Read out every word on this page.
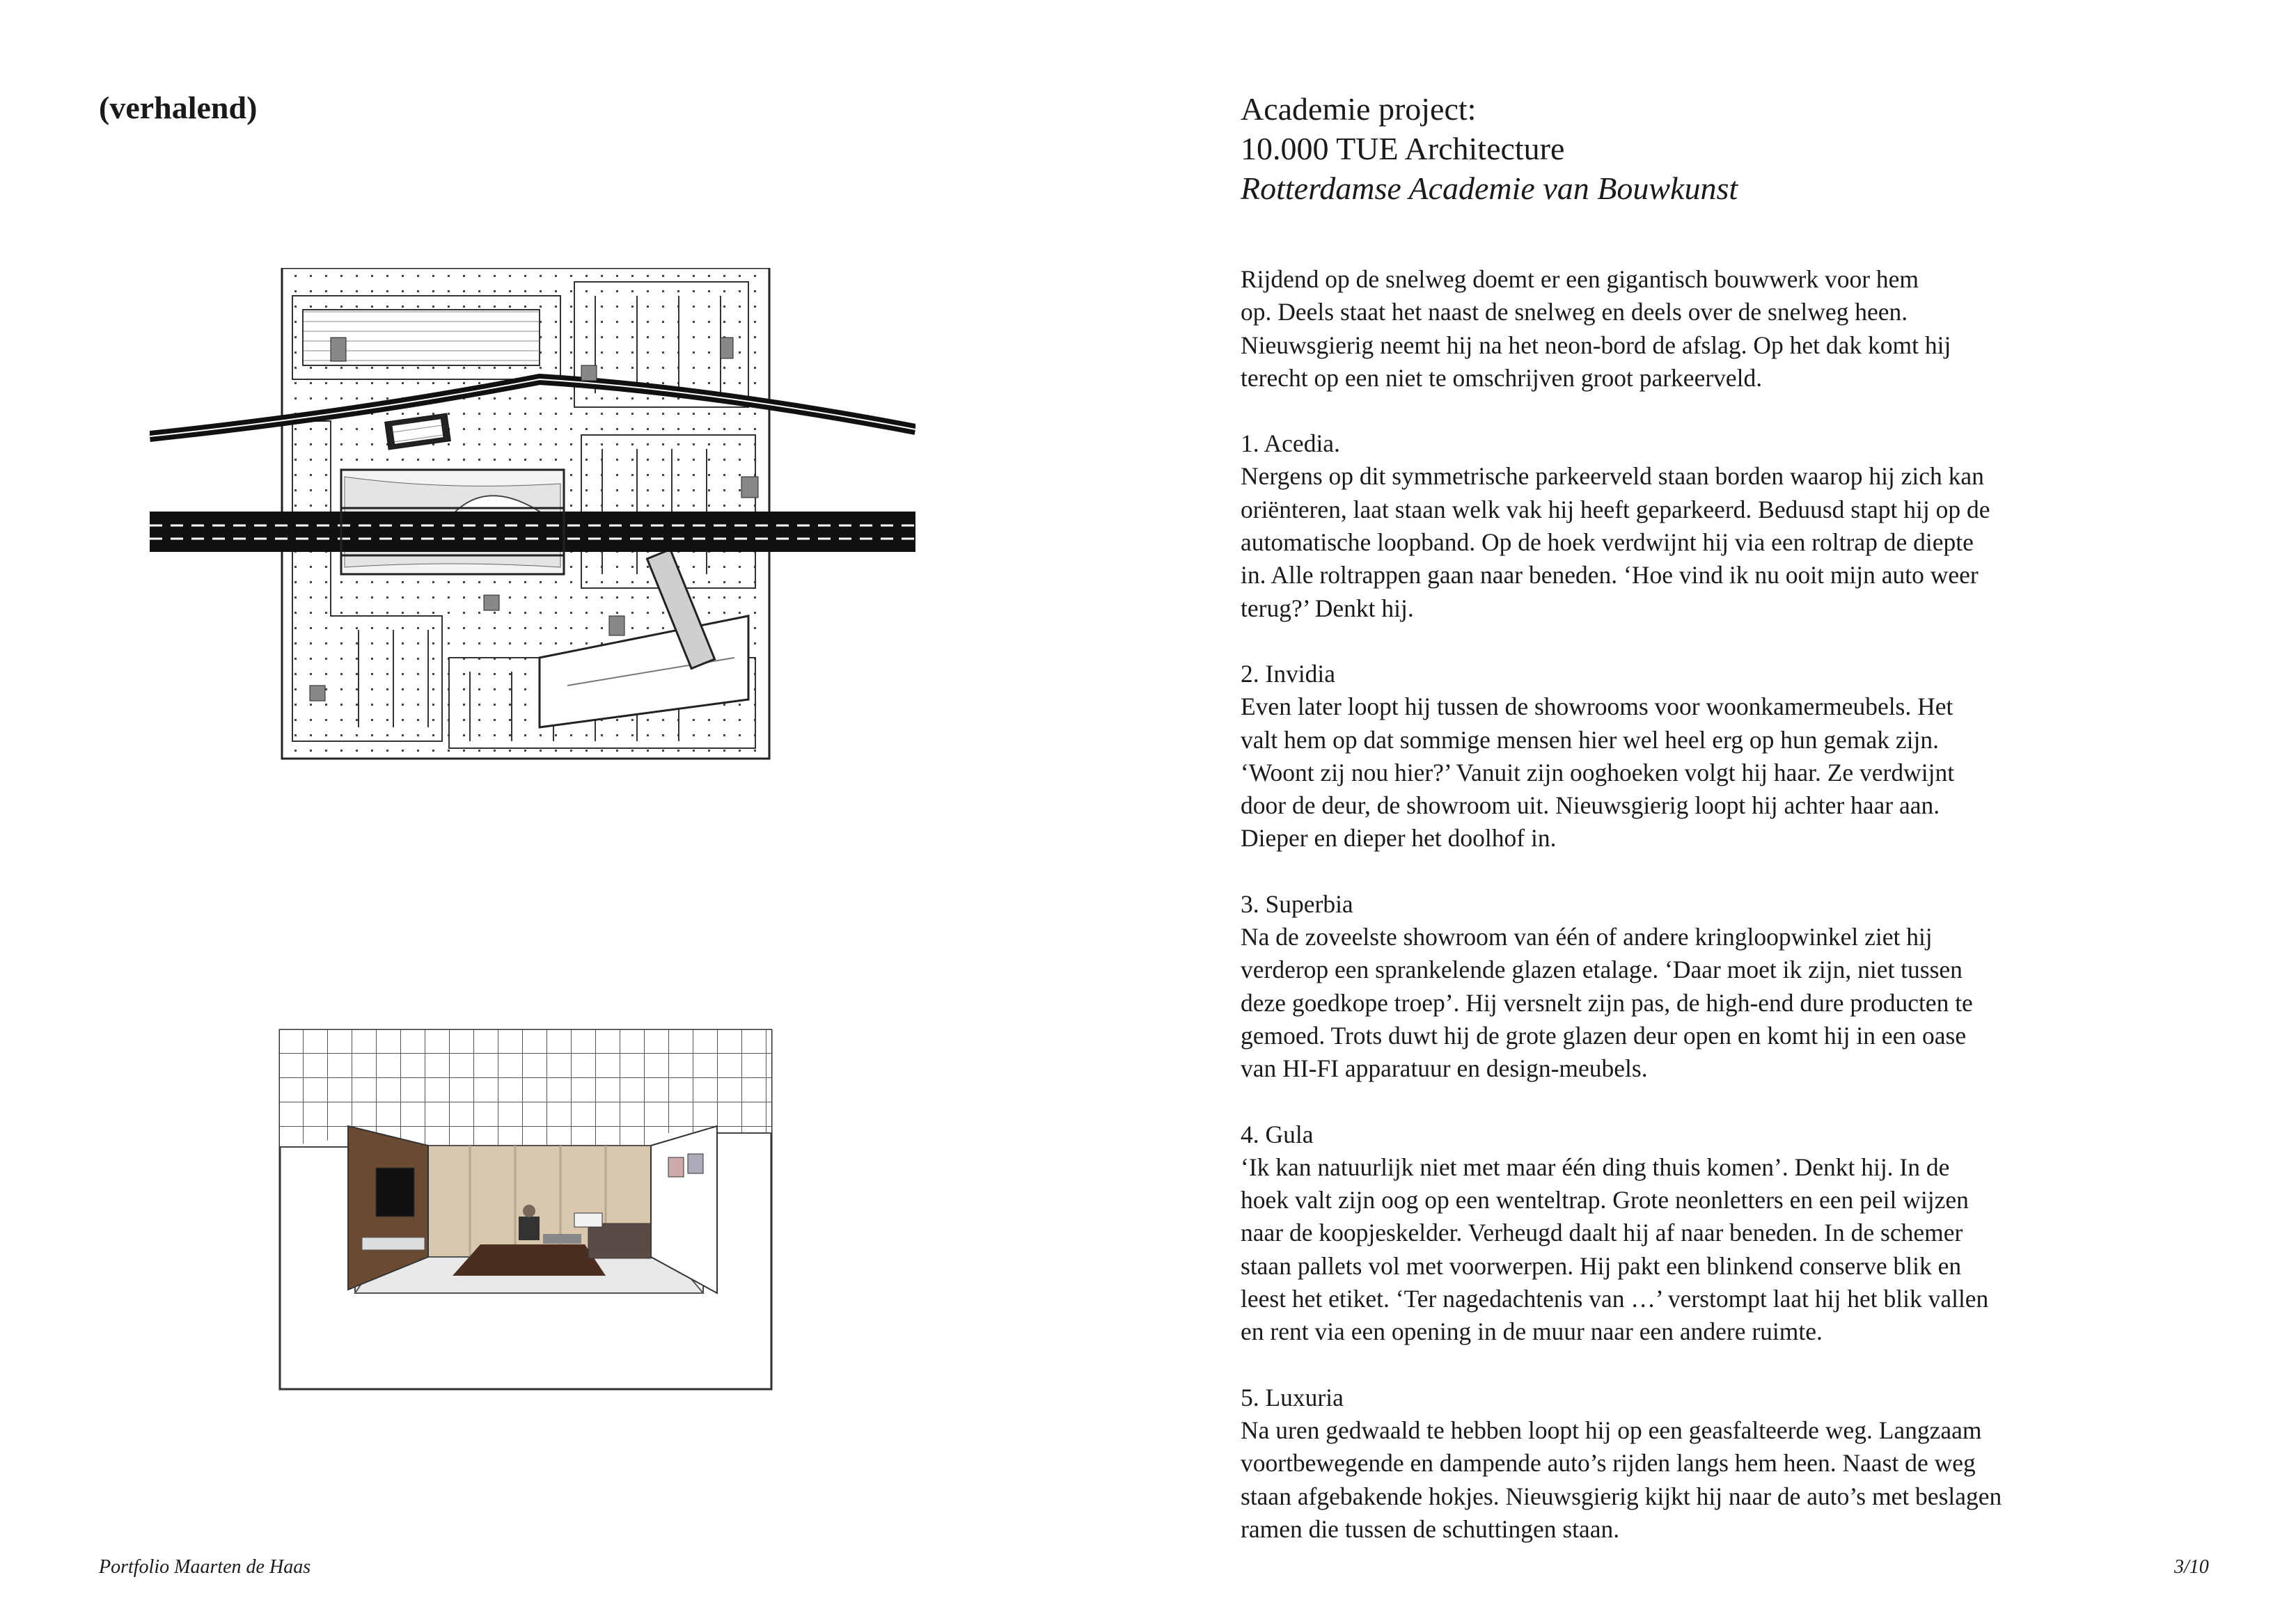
(verhalend)	Academie project:
10.000 TUE Architecture
Rotterdamse Academie van Bouwkunst

Rijdend op de snelweg doemt er een gigantisch bouwwerk voor hem
op. Deels staat het naast de snelweg en deels over de snelweg heen.
Nieuwsgierig neemt hij na het neon-bord de afslag. Op het dak komt hij
terecht op een niet te omschrijven groot parkeerveld.

1. Acedia.
Nergens op dit symmetrische parkeerveld staan borden waarop hij zich kan
oriënteren, laat staan welk vak hij heeft geparkeerd. Beduusd stapt hij op de
automatische loopband. Op de hoek verdwijnt hij via een roltrap de diepte
in. Alle roltrappen gaan naar beneden. ‘Hoe vind ik nu ooit mijn auto weer
terug?’ Denkt hij.
2. Invidia
Even later loopt hij tussen de showrooms voor woonkamermeubels. Het
valt hem op dat sommige mensen hier wel heel erg op hun gemak zijn.
‘Woont zij nou hier?’ Vanuit zijn ooghoeken volgt hij haar. Ze verdwijnt
door de deur, de showroom uit. Nieuwsgierig loopt hij achter haar aan.
Dieper en dieper het doolhof in.
3. Superbia
Na de zoveelste showroom van één of andere kringloopwinkel ziet hij
verderop een sprankelende glazen etalage. ‘Daar moet ik zijn, niet tussen
deze goedkope troep’. Hij versnelt zijn pas, de high-end dure producten te
gemoed. Trots duwt hij de grote glazen deur open en komt hij in een oase
van HI-FI apparatuur en design-meubels.
4. Gula
‘Ik kan natuurlijk niet met maar één ding thuis komen’. Denkt hij. In de
hoek valt zijn oog op een wenteltrap. Grote neonletters en een peil wijzen
naar de koopjeskelder. Verheugd daalt hij af naar beneden. In de schemer
staan pallets vol met voorwerpen. Hij pakt een blinkend conserve blik en
leest het etiket. ‘Ter nagedachtenis van …’ verstompt laat hij het blik vallen
en rent via een opening in de muur naar een andere ruimte.
5. Luxuria
Na uren gedwaald te hebben loopt hij op een geasfalteerde weg. Langzaam
voortbewegende en dampende auto’s rijden langs hem heen. Naast de weg
staan afgebakende hokjes. Nieuwsgierig kijkt hij naar de auto’s met beslagen
ramen die tussen de schuttingen staan.
Portfolio Maarten de Haas	3/10
